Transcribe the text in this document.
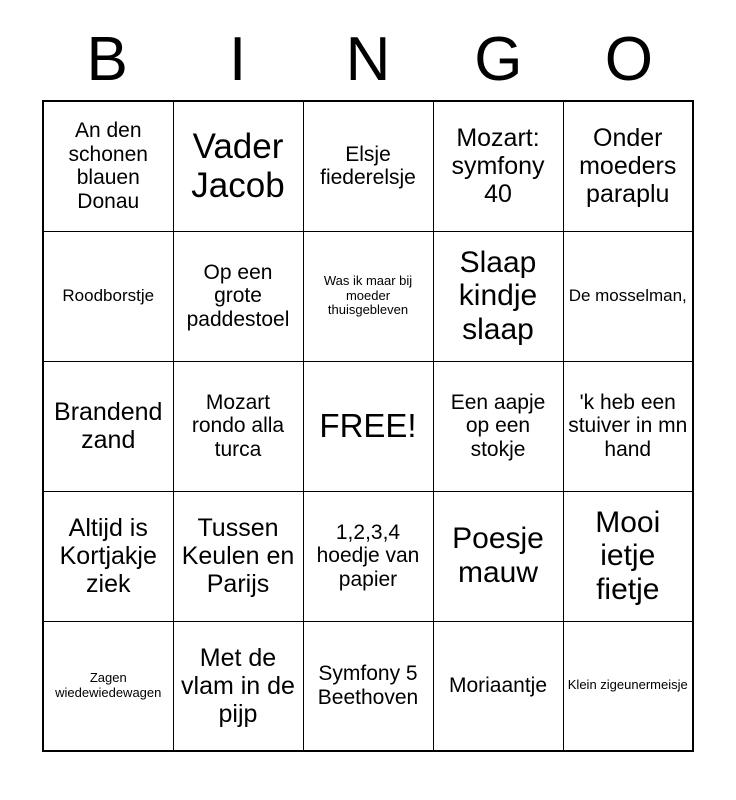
B	I	N	G	O
An den schonen blauen Donau	Vader Jacob	Elsje fiederelsje	Mozart: symfony 40	Onder moeders paraplu
Roodborstje	Op een grote paddestoel	Was ik maar bij moeder thuisgebleven	Slaap kindje slaap	De mosselman,
Brandend zand	Mozart rondo alla turca	FREE!	Een aapje op een stokje	'k heb een stuiver in mn hand
Altijd is Kortjakje ziek	Tussen Keulen en Parijs	1,2,3,4 hoedje van papier	Poesje mauw	Mooi ietje fietje
Zagen wiedewiedewagen	Met de vlam in de pijp	Symfony 5 Beethoven	Moriaantje	Klein zigeunermeisje
